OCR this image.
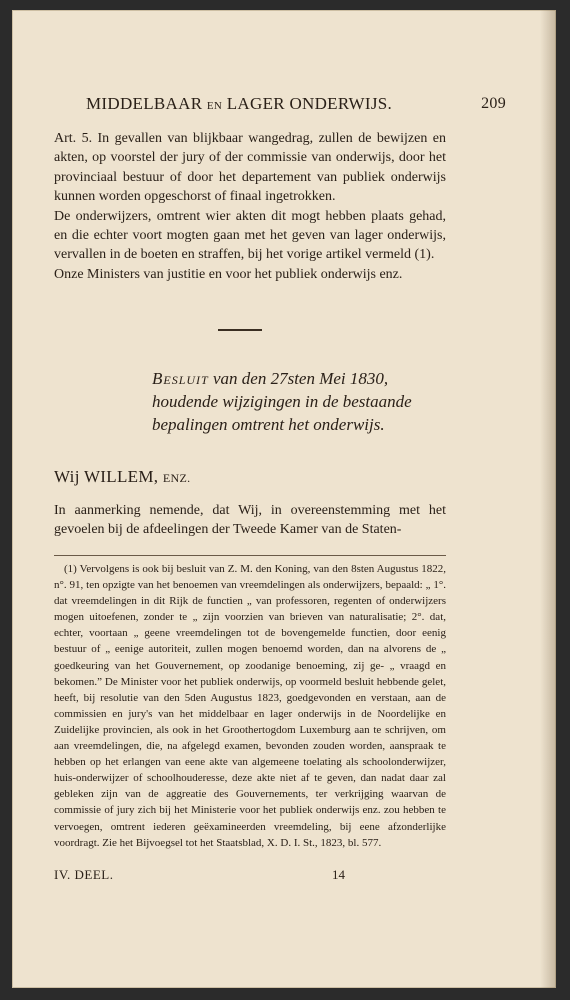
MIDDELBAAR EN LAGER ONDERWIJS.	209

Art. 5. In gevallen van blijkbaar wangedrag, zullen de bewijzen en akten, op voorstel der jury of der commissie van onderwijs, door het provinciaal bestuur of door het departement van publiek onderwijs kunnen worden opgeschorst of finaal ingetrokken.

De onderwijzers, omtrent wier akten dit mogt hebben plaats gehad, en die echter voort mogten gaan met het geven van lager onderwijs, vervallen in de boeten en straffen, bij het vorige artikel vermeld (1).

Onze Ministers van justitie en voor het publiek onderwijs enz.

Besluit van den 27sten Mei 1830, houdende wijzigingen in de bestaande bepalingen omtrent het onderwijs.
Wij WILLEM, ENZ.

In aanmerking nemende, dat Wij, in overeenstemming met het gevoelen bij de afdeelingen der Tweede Kamer van de Staten-

(1) Vervolgens is ook bij besluit van Z. M. den Koning, van den 8sten Augustus 1822, n°. 91, ten opzigte van het benoemen van vreemdelingen als onderwijzers, bepaald: „ 1°. dat vreemdelingen in dit Rijk de functien „ van professoren, regenten of onderwijzers mogen uitoefenen, zonder te „ zijn voorzien van brieven van naturalisatie; 2°. dat, echter, voortaan „ geene vreemdelingen tot de bovengemelde functien, door eenig bestuur of „ eenige autoriteit, zullen mogen benoemd worden, dan na alvorens de „ goedkeuring van het Gouvernement, op zoodanige benoeming, zij ge- „ vraagd en bekomen.” De Minister voor het publiek onderwijs, op voormeld besluit hebbende gelet, heeft, bij resolutie van den 5den Augustus 1823, goedgevonden en verstaan, aan de commissien en jury's van het middelbaar en lager onderwijs in de Noordelijke en Zuidelijke provincien, als ook in het Groothertogdom Luxemburg aan te schrijven, om aan vreemdelingen, die, na afgelegd examen, bevonden zouden worden, aanspraak te hebben op het erlangen van eene akte van algemeene toelating als schoolonderwijzer, huis-onderwijzer of schoolhouderesse, deze akte niet af te geven, dan nadat daar zal gebleken zijn van de aggreatie des Gouvernements, ter verkrijging waarvan de commissie of jury zich bij het Ministerie voor het publiek onderwijs enz. zou hebben te vervoegen, omtrent iederen geëxamineerden vreemdeling, bij eene afzonderlijke voordragt. Zie het Bijvoegsel tot het Staatsblad, X. D. I. St., 1823, bl. 577.

IV. DEEL.	14
